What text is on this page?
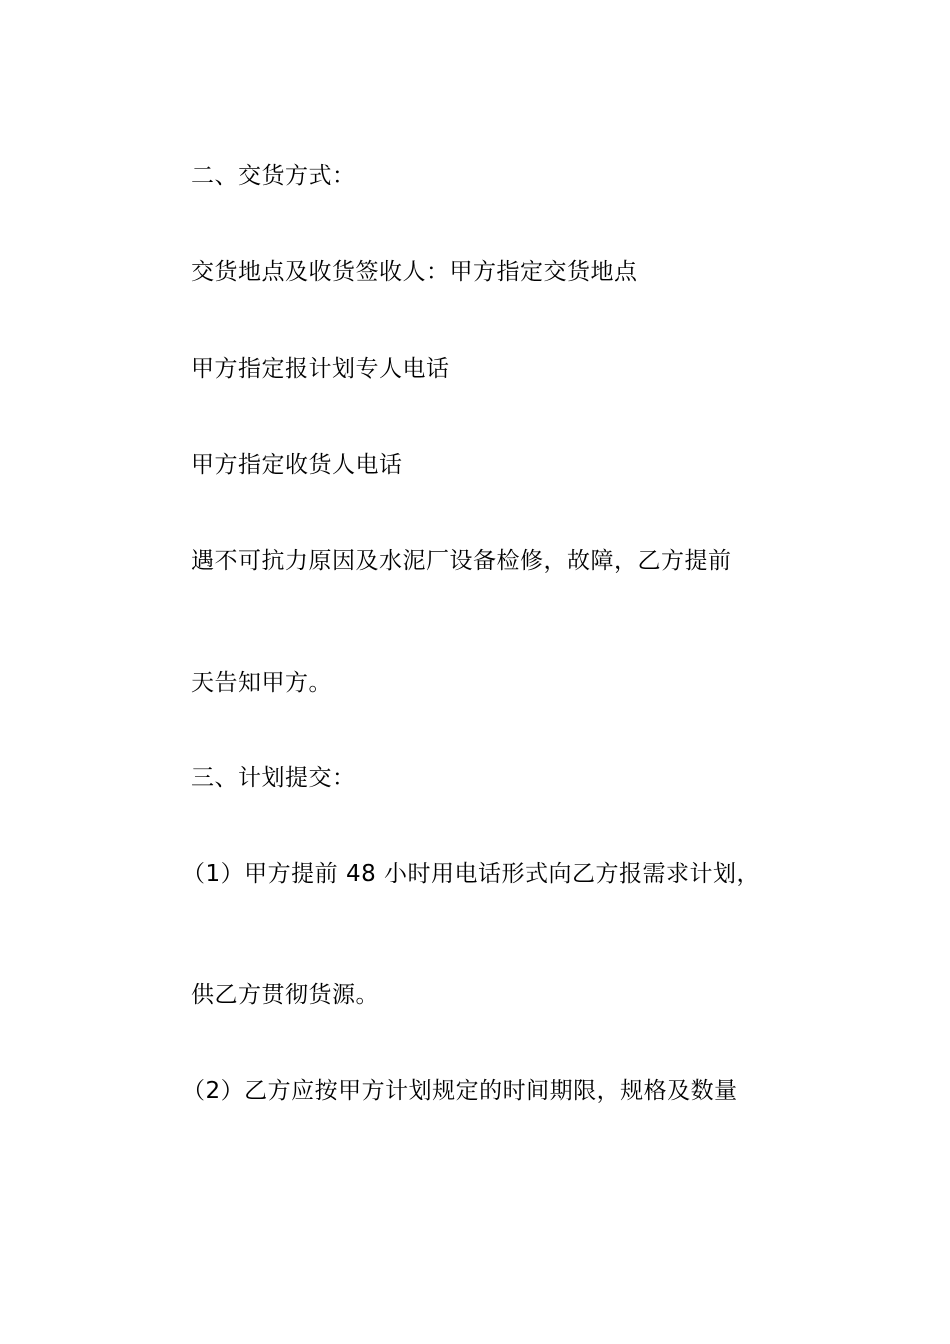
二、交货方式：
交货地点及收货签收人：甲方指定交货地点
甲方指定报计划专人电话
甲方指定收货人电话
遇不可抗力原因及水泥厂设备检修，故障，乙方提前
天告知甲方。
三、计划提交：
（1）甲方提前 48 小时用电话形式向乙方报需求计划，
供乙方贯彻货源。
（2）乙方应按甲方计划规定的时间期限，规格及数量
